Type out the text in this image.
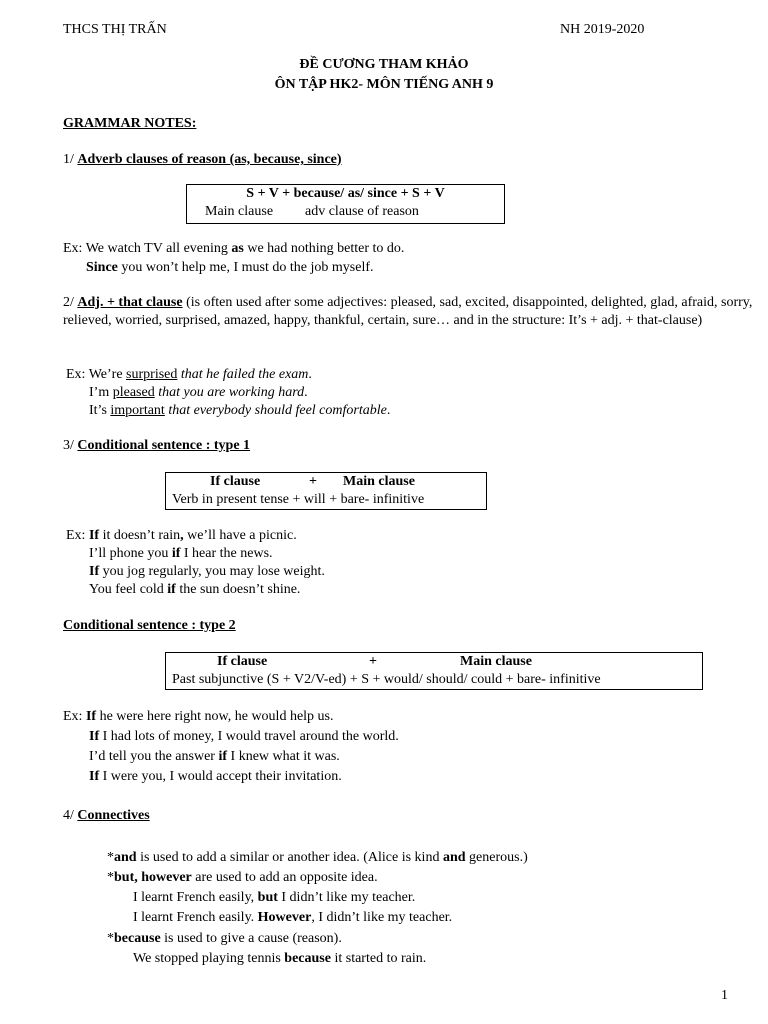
THCS THỊ TRẤN	NH 2019-2020
ĐỀ CƯƠNG THAM KHẢO
ÔN TẬP HK2- MÔN TIẾNG ANH 9
GRAMMAR NOTES:
1/ Adverb clauses of reason (as, because, since)
S + V + because/ as/ since + S + V
Main clause adv clause of reason
Ex: We watch TV all evening as we had nothing better to do.
Since you won’t help me, I must do the job myself.
2/ Adj. + that clause (is often used after some adjectives: pleased, sad, excited, disappointed, delighted, glad, afraid, sorry, relieved, worried, surprised, amazed, happy, thankful, certain, sure… and in the structure: It’s + adj. + that-clause)
Ex: We’re surprised that he failed the exam.
I’m pleased that you are working hard.
It’s important that everybody should feel comfortable.
3/ Conditional sentence : type 1
If clause	+ Main clause
Verb in present tense + will + bare- infinitive
Ex: If it doesn’t rain, we’ll have a picnic.
I’ll phone you if I hear the news.
If you jog regularly, you may lose weight.
You feel cold if the sun doesn’t shine.
Conditional sentence : type 2
If clause	+	Main clause
Past subjunctive (S + V2/V-ed) + S + would/ should/ could + bare- infinitive
Ex: If he were here right now, he would help us.
If I had lots of money, I would travel around the world.
I’d tell you the answer if I knew what it was.
If I were you, I would accept their invitation.
4/ Connectives
*and is used to add a similar or another idea. (Alice is kind and generous.)
*but, however are used to add an opposite idea.
I learnt French easily, but I didn’t like my teacher.
I learnt French easily. However, I didn’t like my teacher.
*because is used to give a cause (reason).
We stopped playing tennis because it started to rain.
1
